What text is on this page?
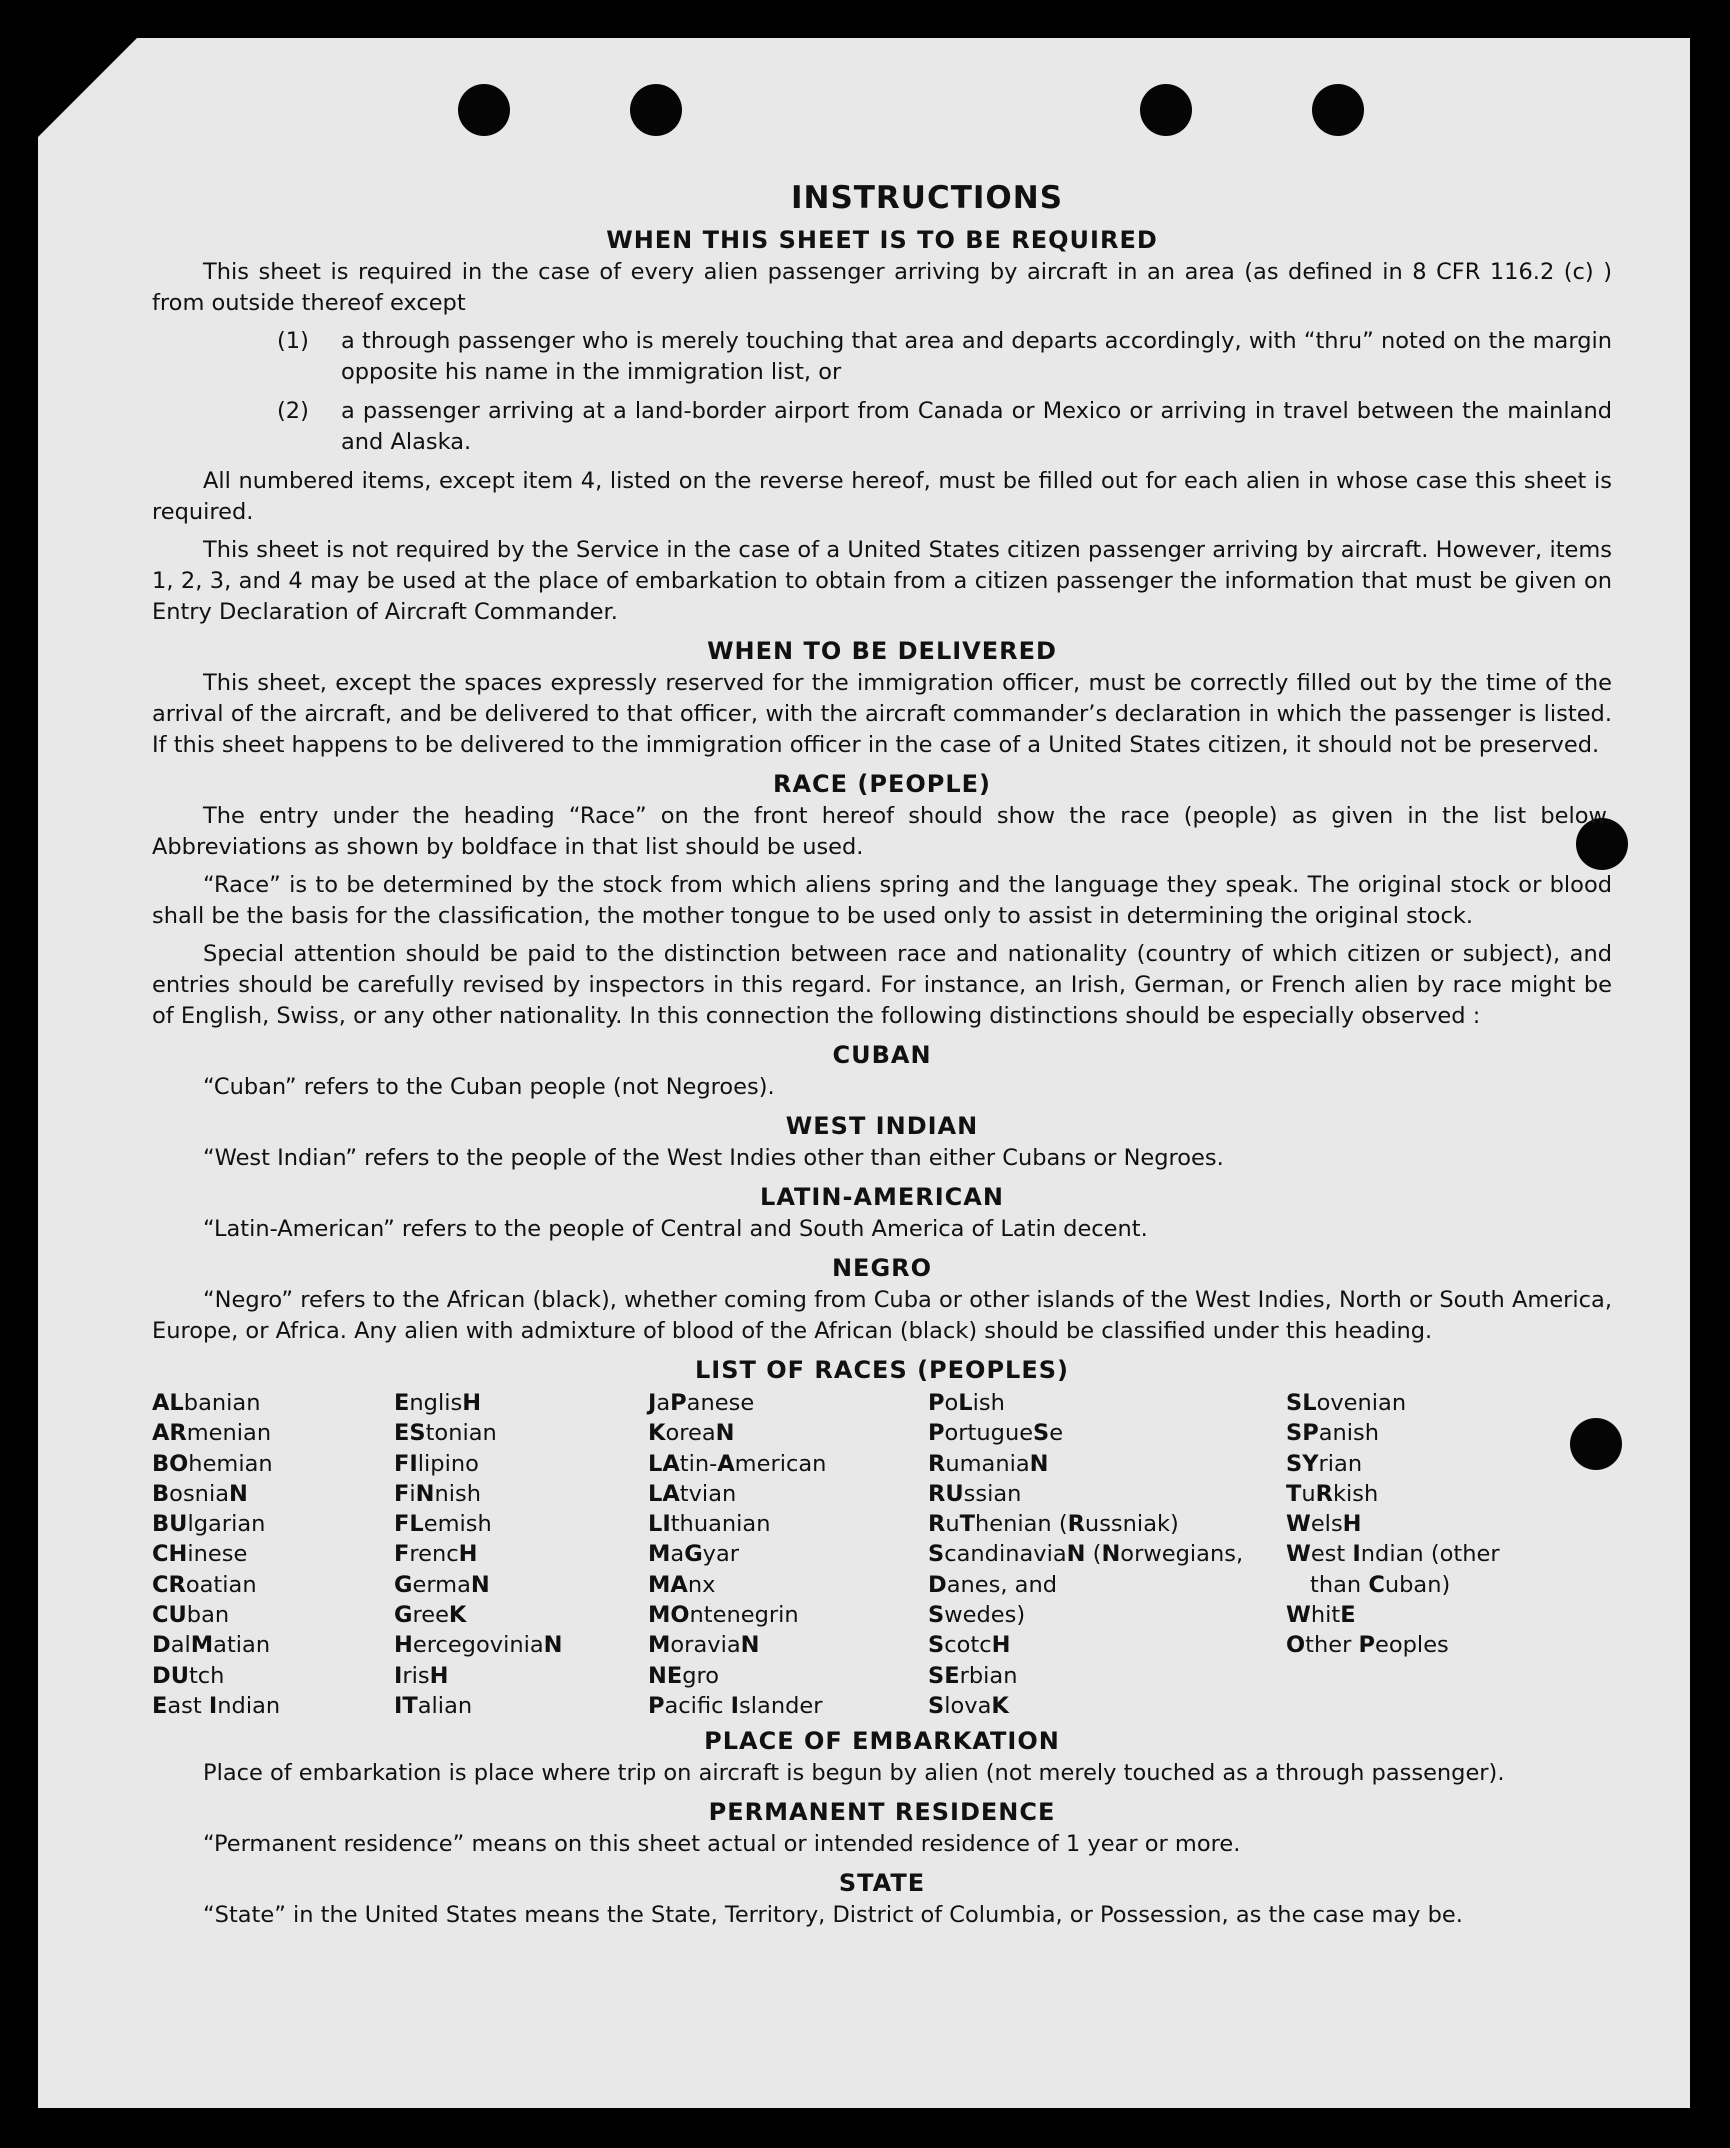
INSTRUCTIONS
WHEN THIS SHEET IS TO BE REQUIRED

This sheet is required in the case of every alien passenger arriving by aircraft in an area (as defined in 8 CFR 116.2 (c) ) from outside thereof except

(1)	a through passenger who is merely touching that area and departs accordingly, with “thru” noted on the margin opposite his name in the immigration list, or
(2)	a passenger arriving at a land-border airport from Canada or Mexico or arriving in travel between the mainland and Alaska.

All numbered items, except item 4, listed on the reverse hereof, must be filled out for each alien in whose case this sheet is required.

This sheet is not required by the Service in the case of a United States citizen passenger arriving by aircraft. However, items 1, 2, 3, and 4 may be used at the place of embarkation to obtain from a citizen passenger the information that must be given on Entry Declaration of Aircraft Commander.

WHEN TO BE DELIVERED

This sheet, except the spaces expressly reserved for the immigration officer, must be correctly filled out by the time of the arrival of the aircraft, and be delivered to that officer, with the aircraft commander’s declaration in which the passenger is listed. If this sheet happens to be delivered to the immigration officer in the case of a United States citizen, it should not be preserved.

RACE (PEOPLE)

The entry under the heading “Race” on the front hereof should show the race (people) as given in the list below. Abbreviations as shown by boldface in that list should be used.

“Race” is to be determined by the stock from which aliens spring and the language they speak. The original stock or blood shall be the basis for the classification, the mother tongue to be used only to assist in determining the original stock.

Special attention should be paid to the distinction between race and nationality (country of which citizen or subject), and entries should be carefully revised by inspectors in this regard. For instance, an Irish, German, or French alien by race might be of English, Swiss, or any other nationality. In this connection the following distinctions should be especially observed :

CUBAN

“Cuban” refers to the Cuban people (not Negroes).

WEST INDIAN

“West Indian” refers to the people of the West Indies other than either Cubans or Negroes.

LATIN-AMERICAN

“Latin-American” refers to the people of Central and South America of Latin decent.

NEGRO

“Negro” refers to the African (black), whether coming from Cuba or other islands of the West Indies, North or South America, Europe, or Africa. Any alien with admixture of blood of the African (black) should be classified under this heading.

LIST OF RACES (PEOPLES)
ALbanian
ARmenian
BOhemian
BosniaN
BUlgarian
CHinese
CRoatian
CUban
DalMatian
DUtch
East Indian
EnglisH
EStonian
FIlipino
FiNnish
FLemish
FrencH
GermaN
GreeK
HercegoviniaN
IrisH
ITalian
JaPanese
KoreaN
LAtin-American
LAtvian
LIthuanian
MaGyar
MAnx
MOntenegrin
MoraviaN
NEgro
Pacifc Islander
PoLish
PortugueSe
RumaniaN
RUssian
RuThenian (Russniak)
ScandinaviaN (Norwegians,
Danes, and
Swedes)
ScotcH
SErbian
SlovaK
SLovenian
SPanish
SYrian
TuRkish
WelsH
West Indian (other
than Cuban)
WhitE
Other Peoples
PLACE OF EMBARKATION

Place of embarkation is place where trip on aircraft is begun by alien (not merely touched as a through passenger).

PERMANENT RESIDENCE

“Permanent residence” means on this sheet actual or intended residence of 1 year or more.

STATE

“State” in the United States means the State, Territory, District of Columbia, or Possession, as the case may be.
